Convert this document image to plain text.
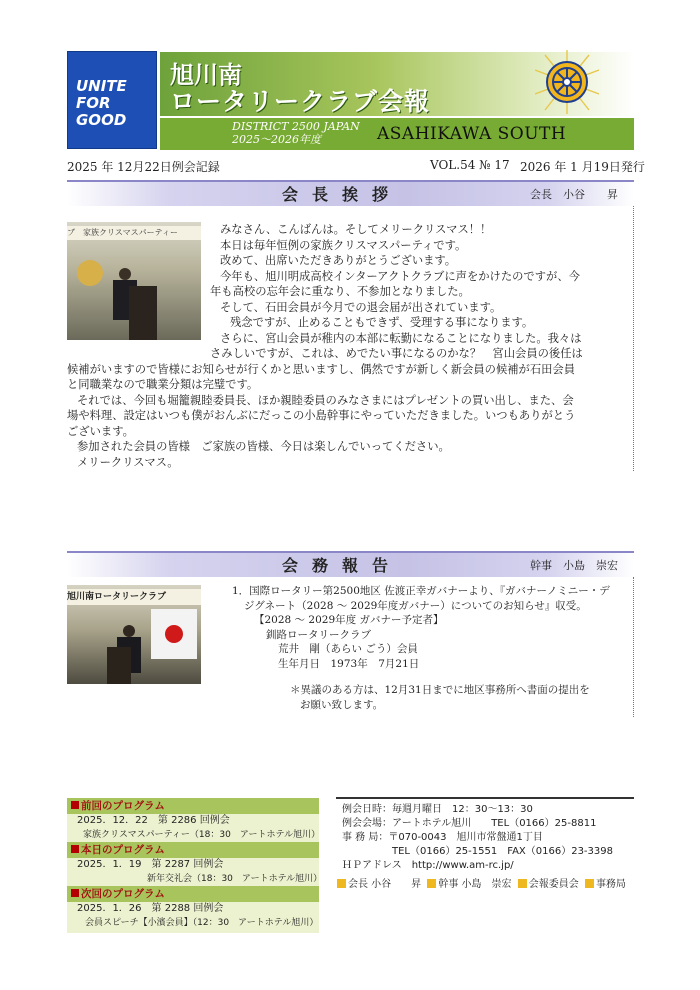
UNITE
FOR
GOOD
旭川南
ロータリークラブ会報
DISTRICT 2500 JAPAN
2025～2026年度	ASAHIKAWA SOUTH
2025 年 12月22日例会記録	VOL.54 № 17 2026 年 1 月19日発行
会長挨拶	会長　小谷　　昇
ブ　家族クリスマスパーティー	みなさん、こんばんは。そしてメリークリスマス！！

本日は毎年恒例の家族クリスマスパーティです。

改めて、出席いただきありがとうございます。

今年も、旭川明成高校インターアクトクラブに声をかけたのですが、今

年も高校の忘年会に重なり、不参加となりました。

そして、石田会員が今月での退会届が出されています。

残念ですが、止めることもできず、受理する事になります。

さらに、宮山会員が稚内の本部に転勤になることになりました。我々は

さみしいですが、これは、めでたい事になるのかな？　宮山会員の後任は

候補がいますので皆様にお知らせが行くかと思いますし、偶然ですが新しく新会員の候補が石田会員

と同職業なので職業分類は完璧です。

それでは、今回も堀籠親睦委員長、ほか親睦委員のみなさまにはプレゼントの買い出し、また、会

場や料理、設定はいつも僕がおんぶにだっこの小島幹事にやっていただきました。いつもありがとう

ございます。

参加された会員の皆様　ご家族の皆様、今日は楽しんでいってください。

メリークリスマス。

会務報告	幹事　小島　崇宏
旭川南ロータリークラブ	1．国際ロータリー第2500地区 佐渡正幸ガバナーより、『ガバナーノミニー・デ

ジグネート（2028 ～ 2029年度ガバナー）についてのお知らせ』収受。

【2028 ～ 2029年度 ガバナー予定者】

釧路ロータリークラブ

荒井　剛（あらい ごう）会員

生年月日　1973年　7月21日

＊異議のある方は、12月31日までに地区事務所へ書面の提出を

お願い致します。

前回のプログラム
2025．12．22　第 2286 回例会
家族クリスマスパーティー（18：30　アートホテル旭川）
本日のプログラム
2025．1．19　第 2287 回例会
新年交礼会（18：30　アートホテル旭川）
次回のプログラム
2025．1．26　第 2288 回例会
会員スピーチ【小濱会員】（12：30　アートホテル旭川）
例会日時：毎週月曜日　12：30～13：30
例会会場：アートホテル旭川　　TEL（0166）25-8811
事 務 局：〒070-0043　旭川市常盤通1丁目
TEL（0166）25-1551　FAX（0166）23-3398
ＨＰアドレス　http://www.am-rc.jp/
会長 小谷　　昇 幹事 小島　崇宏 会報委員会 事務局
